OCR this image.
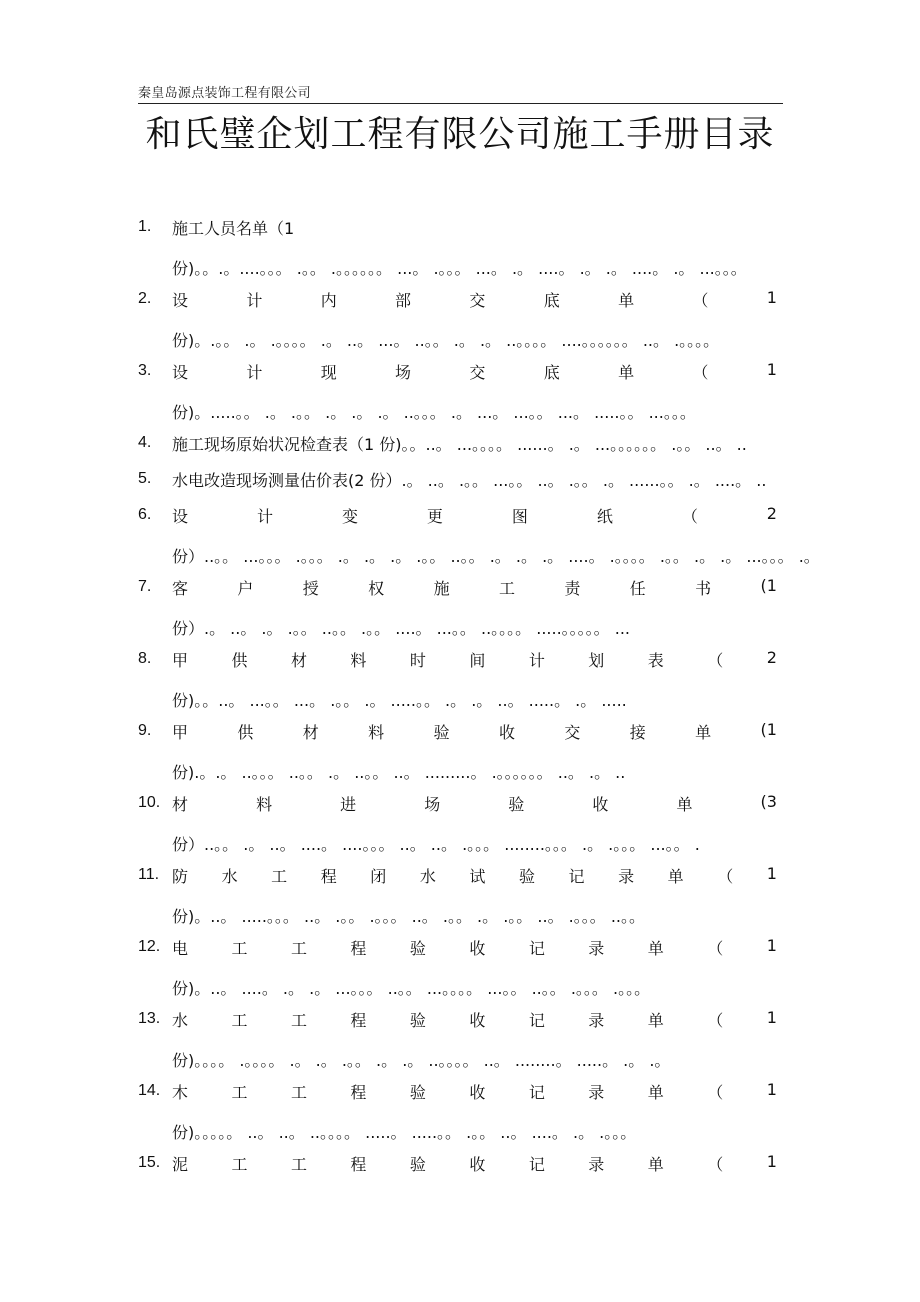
秦皇岛源点装饰工程有限公司
和氏璧企划工程有限公司施工手册目录
1. 施工人员名单（1
份)。。.。....。。。 .。。 .。。。。。。 ...。 .。。。 ...。 .。 ....。 .。 .。 ....。 .。 ...。。。
2. 设	计	内	部	交	底	单	（	1
份)。.。。 .。 .。。。。 .。 ..。 ...。 ..。。 .。 .。 ..。。。。 ....。。。。。。 ..。 .。。。。
3. 设	计	现	场	交	底	单	（	1
份)。.....。。 .。 .。。 .。 .。 .。 ..。。。 .。 ...。 ...。。 ...。 .....。。 ...。。。
4. 施工现场原始状况检查表（1 份)。。..。 ...。。。。 ......。 .。 ...。。。。。。 .。。 ..。 ..
5. 水电改造现场测量估价表(2 份）.。 ..。 .。。 ...。。 ..。 .。。 .。 ......。。 .。 ....。 ..
6. 设	计	变	更	图	纸	（	2
份）..。。 ...。。。 .。。。 .。 .。 .。 .。。 ..。。 .。 .。 .。 ....。 .。。。。 .。。 .。 .。 ...。。。 .。
7. 客	户	授	权	施	工	责	任	书	(1
份）.。 ..。 .。 .。。 ..。。 .。。 ....。 ...。。 ..。。。。 .....。。。。。 ...
8. 甲	供	材	料	时	间	计	划	表	（	2
份)。。..。 ...。。 ...。 .。。 .。 .....。。 .。 .。 ..。 .....。 .。 .....
9. 甲	供	材	料	验	收	交	接	单	(1
份).。.。 ..。。。 ..。。 .。 ..。。 ..。 .........。 .。。。。。。 ..。 .。 ..
10. 材	料	进	场	验	收	单	(3
份）..。。 .。 ..。 ....。 ....。。。 ..。 ..。 .。。。 ........。。。 .。 .。。。 ...。。 .
11. 防 水 工 程 闭 水 试 验 记 录 单 （ 1
份)。..。 .....。。。 ..。 .。。 .。。。 ..。 .。。 .。 .。。 ..。 .。。。 ..。。
12. 电	工	工	程	验	收	记	录	单	（	1
份)。..。 ....。 .。 .。 ...。。。 ..。。 ...。。。。 ...。。 ..。。 .。。。 .。。。
13. 水	工	工	程	验	收	记	录	单	（	1
份)。。。。 .。。。。 .。 .。 .。。 .。 .。 ..。。。。 ..。 ........。 .....。 .。 .。
14. 木	工	工	程	验	收	记	录	单	（	1
份)。。。。。 ..。 ..。 ..。。。。 .....。 .....。。 .。。 ..。 ....。 .。 .。。。
15. 泥	工	工	程	验	收	记	录	单	（	1
